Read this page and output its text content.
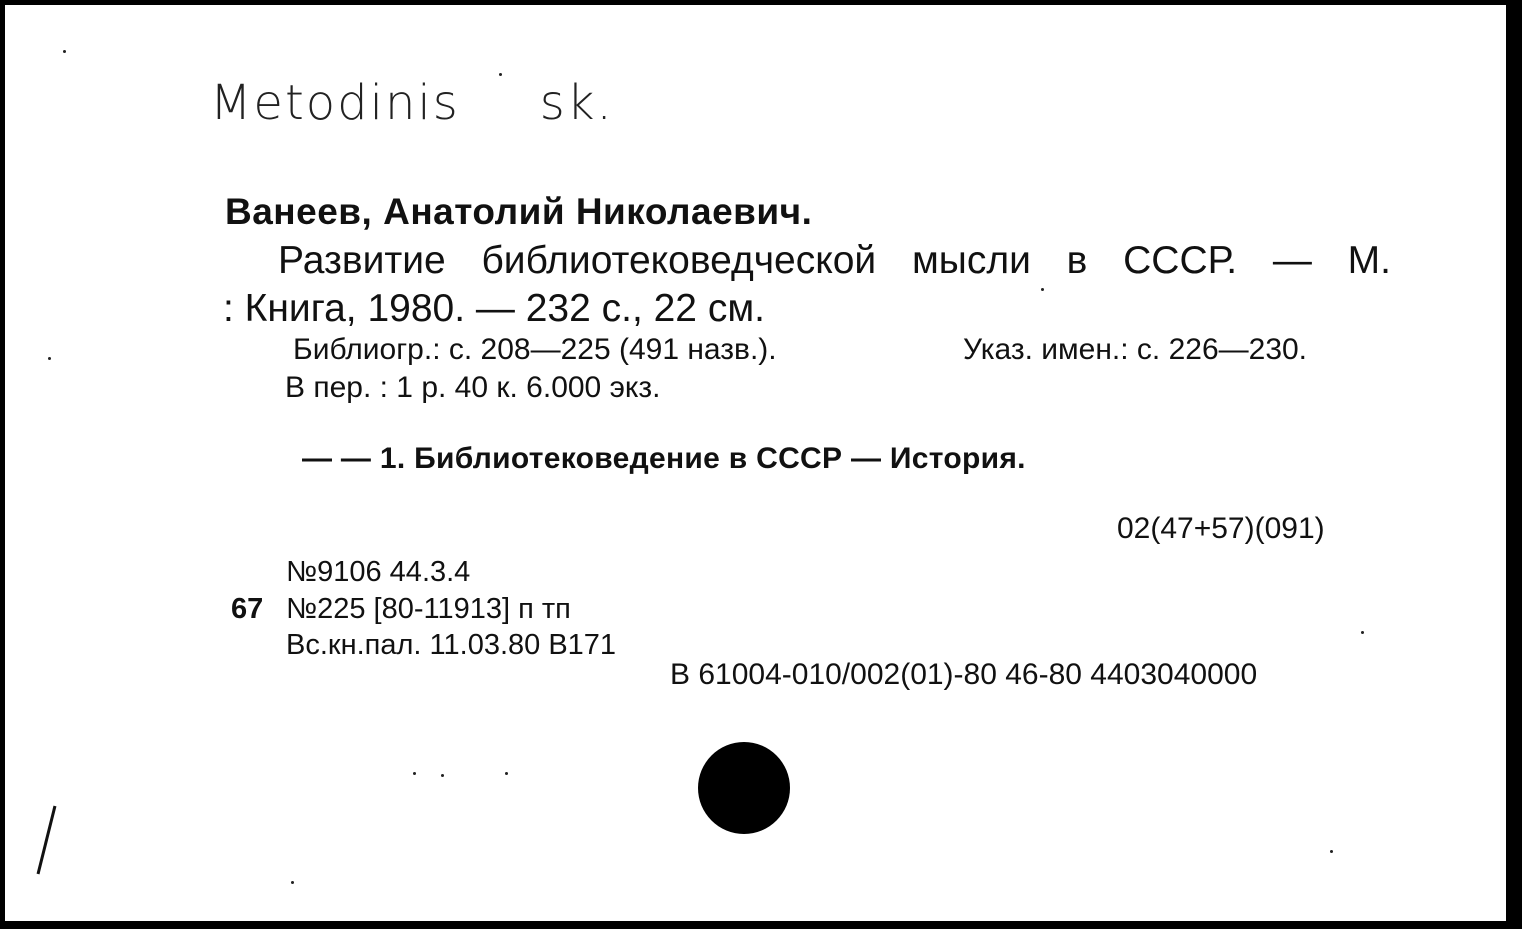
Metodinis sk.
Ванеев, Анатолий Николаевич.
Развитие библиотековедческой мысли в СССР. — М.
: Книга, 1980. — 232 с., 22 см.
Библиогр.: с. 208—225 (491 назв.).	Указ. имен.: с. 226—230.
В пер. : 1 р. 40 к. 6.000 экз.
— — 1. Библиотековедение в СССР — История.
02(47+57)(091)
№9106 44.3.4
67 №225 [80-11913] п тп
Вс.кн.пал. 11.03.80 В171
В 61004-010/002(01)-80 46-80 4403040000
